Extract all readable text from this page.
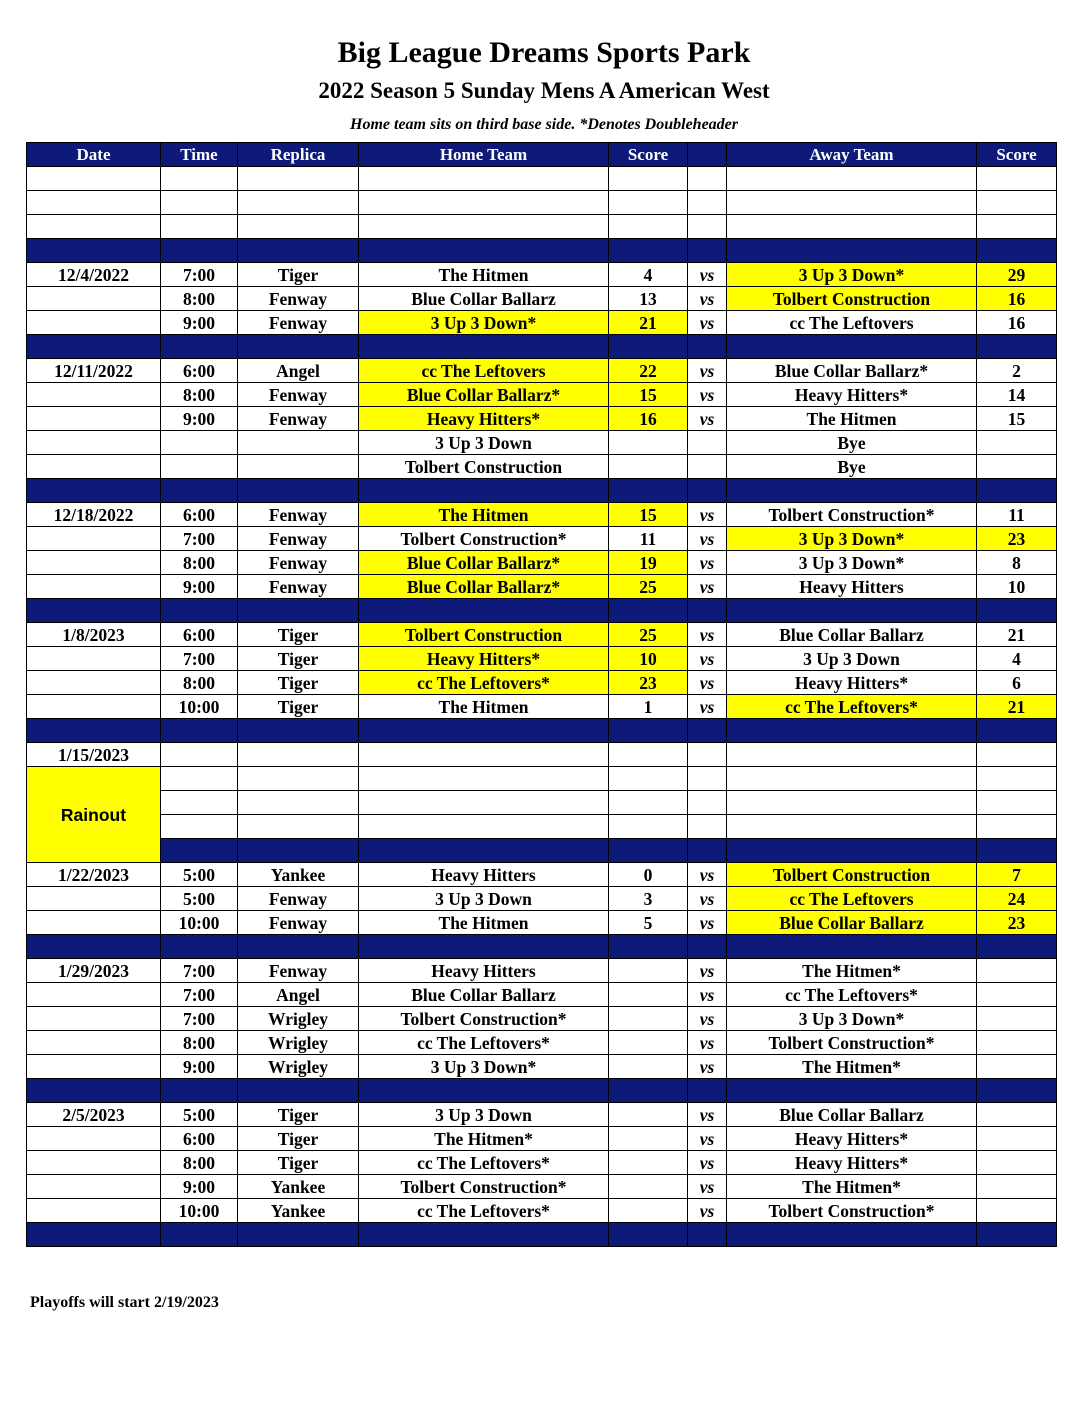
Big League Dreams Sports Park
2022 Season 5 Sunday Mens A American West
Home team sits on third base side. *Denotes Doubleheader
Date	Time	Replica	Home Team	Score		Away Team	Score	

12/4/2022	7:00	Tiger	The Hitmen	4	vs	3 Up 3 Down*	29	
	8:00	Fenway	Blue Collar Ballarz	13	vs	Tolbert Construction	16	
	9:00	Fenway	3 Up 3 Down*	21	vs	cc The Leftovers	16	

12/11/2022	6:00	Angel	cc The Leftovers	22	vs	Blue Collar Ballarz*	2	
	8:00	Fenway	Blue Collar Ballarz*	15	vs	Heavy Hitters*	14	
	9:00	Fenway	Heavy Hitters*	16	vs	The Hitmen	15	
			3 Up 3 Down			Bye		
			Tolbert Construction			Bye		

12/18/2022	6:00	Fenway	The Hitmen	15	vs	Tolbert Construction*	11	
	7:00	Fenway	Tolbert Construction*	11	vs	3 Up 3 Down*	23	
	8:00	Fenway	Blue Collar Ballarz*	19	vs	3 Up 3 Down*	8	
	9:00	Fenway	Blue Collar Ballarz*	25	vs	Heavy Hitters	10	

1/8/2023	6:00	Tiger	Tolbert Construction	25	vs	Blue Collar Ballarz	21	
	7:00	Tiger	Heavy Hitters*	10	vs	3 Up 3 Down	4	
	8:00	Tiger	cc The Leftovers*	23	vs	Heavy Hitters*	6	
	10:00	Tiger	The Hitmen	1	vs	cc The Leftovers*	21	

1/15/2023								
Rainout								

1/22/2023	5:00	Yankee	Heavy Hitters	0	vs	Tolbert Construction	7	
	5:00	Fenway	3 Up 3 Down	3	vs	cc The Leftovers	24	
	10:00	Fenway	The Hitmen	5	vs	Blue Collar Ballarz	23	

1/29/2023	7:00	Fenway	Heavy Hitters		vs	The Hitmen*		
	7:00	Angel	Blue Collar Ballarz		vs	cc The Leftovers*		
	7:00	Wrigley	Tolbert Construction*		vs	3 Up 3 Down*		
	8:00	Wrigley	cc The Leftovers*		vs	Tolbert Construction*		
	9:00	Wrigley	3 Up 3 Down*		vs	The Hitmen*		

2/5/2023	5:00	Tiger	3 Up 3 Down		vs	Blue Collar Ballarz		
	6:00	Tiger	The Hitmen*		vs	Heavy Hitters*		
	8:00	Tiger	cc The Leftovers*		vs	Heavy Hitters*		
	9:00	Yankee	Tolbert Construction*		vs	The Hitmen*		
	10:00	Yankee	cc The Leftovers*		vs	Tolbert Construction*		

Playoffs will start 2/19/2023
